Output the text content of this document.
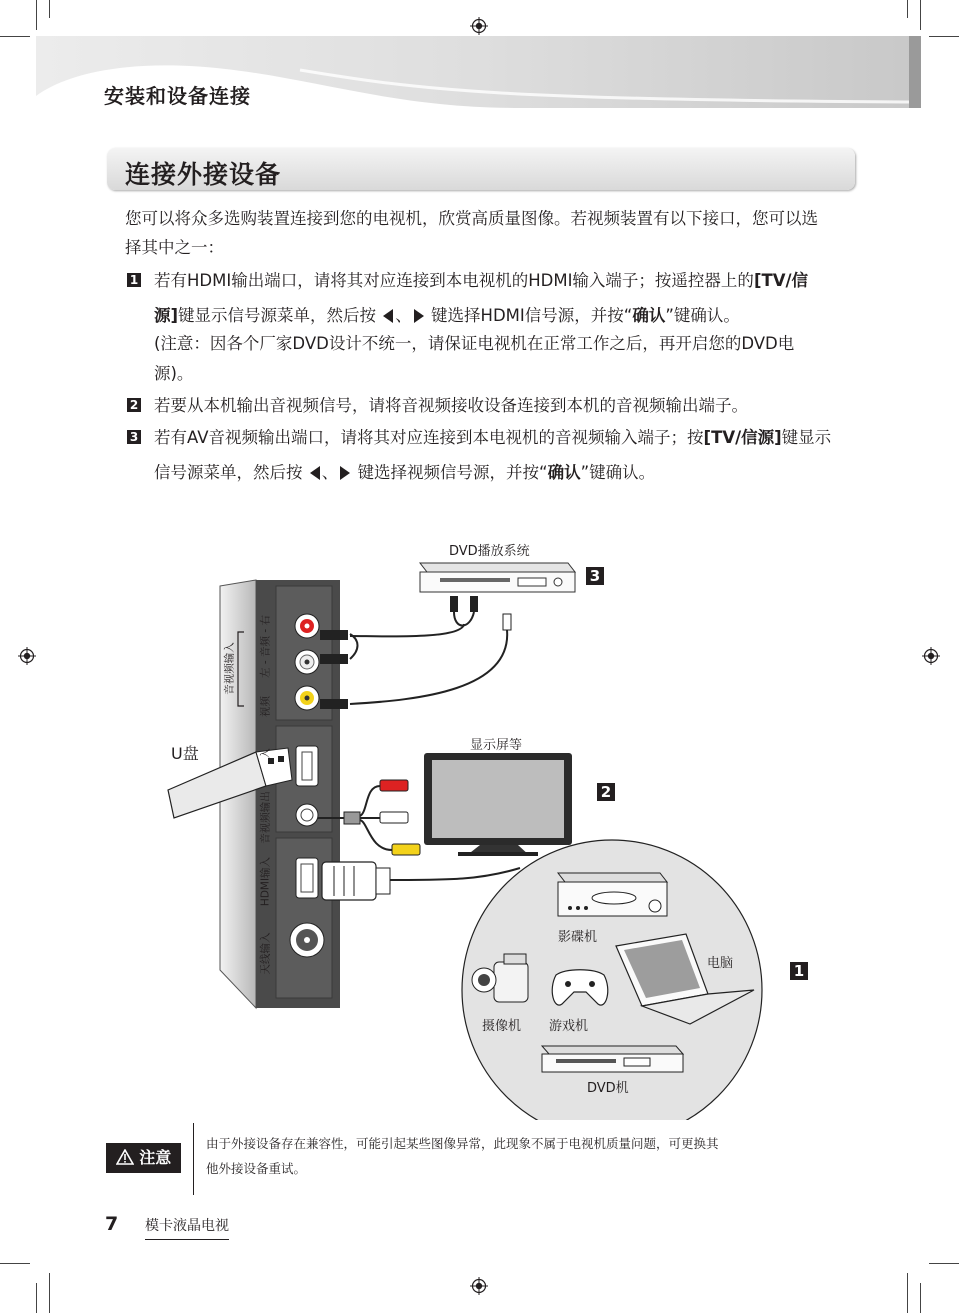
安装和设备连接
连接外接设备
您可以将众多选购装置连接到您的电视机，欣赏高质量图像。若视频装置有以下接口，您可以选
择其中之一：
1 若有HDMI输出端口，请将其对应连接到本电视机的HDMI输入端子；按遥控器上的[TV/信
源]键显示信号源菜单，然后按 、 键选择HDMI信号源，并按“确认”键确认。
(注意：因各个厂家DVD设计不统一，请保证电视机在正常工作之后，再开启您的DVD电
源)。
2 若要从本机输出音视频信号，请将音视频接收设备连接到本机的音视频输出端子。
3 若有AV音视频输出端口，请将其对应连接到本电视机的音视频输入端子；按[TV/信源]键显示
信号源菜单，然后按 、 键选择视频信号源，并按“确认”键确认。
DVD播放系统
3
显示屏等
2
U盘
1
影碟机
电脑
摄像机 游戏机
DVD机
音视频输入 左 - 音频 - 右
视频
入
音视频输出
HDMI输入
天线输入
注意
由于外接设备存在兼容性，可能引起某些图像异常，此现象不属于电视机质量问题，可更换其
他外接设备重试。
7 模卡液晶电视
